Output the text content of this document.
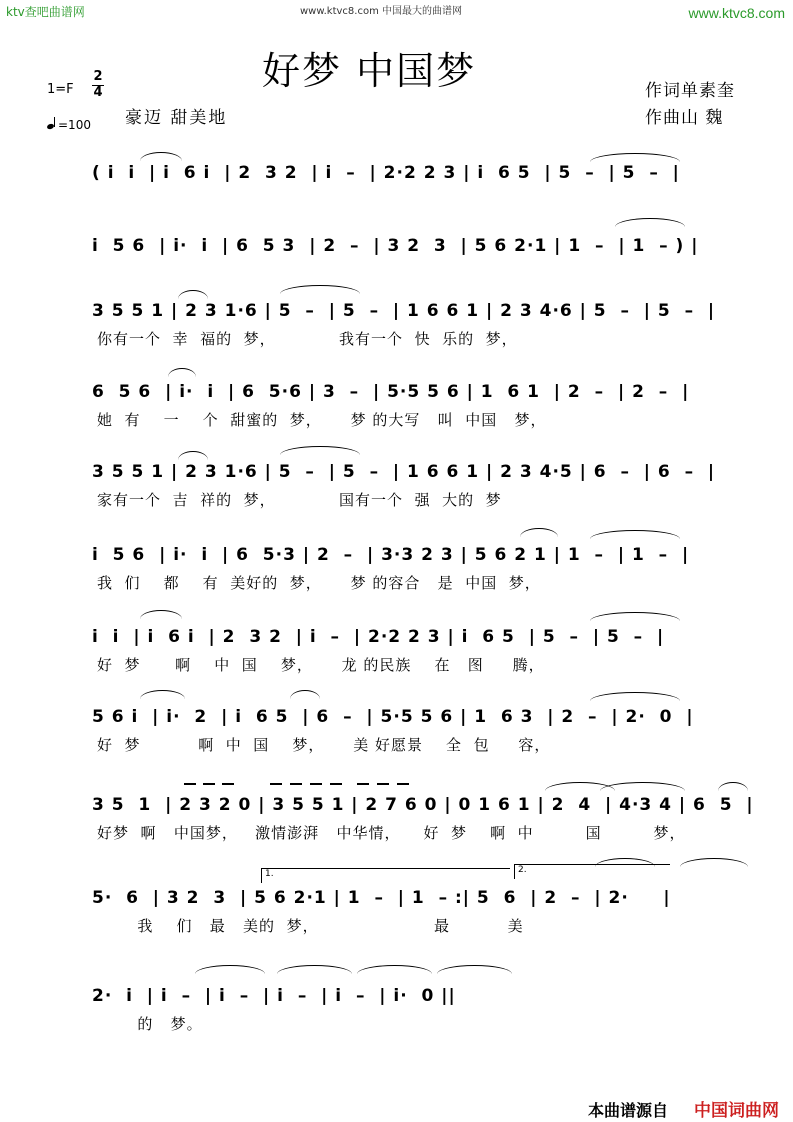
ktv查吧曲谱网	www.ktvc8.com 中国最大的曲谱网	www.ktvc8.com
好梦 中国梦
1=F
2
4
=100 豪迈 甜美地
作词单素奎
作曲山 魏
( i  i  | i  6 i  | 2  3 2  | i  –  | 2·2 2 3 | i  6 5  | 5  –  | 5  –  |
i  5 6  | i·  i  | 6  5 3  | 2  –  | 3 2  3  | 5 6 2·1 | 1  –  | 1  – ) |
3 5 5 1 | 2 3 1·6 | 5  –  | 5  –  | 1 6 6 1 | 2 3 4·6 | 5  –  | 5  –  |
你有一个  幸  福的  梦，           我有一个  快  乐的  梦，
6  5 6  | i·  i  | 6  5·6 | 3  –  | 5·5 5 6 | 1  6 1  | 2  –  | 2  –  |
她  有    一    个  甜蜜的  梦，     梦 的大写   叫  中国   梦，
3 5 5 1 | 2 3 1·6 | 5  –  | 5  –  | 1 6 6 1 | 2 3 4·5 | 6  –  | 6  –  |
家有一个  吉  祥的  梦，           国有一个  强  大的  梦
i  5 6  | i·  i  | 6  5·3 | 2  –  | 3·3 2 3 | 5 6 2 1 | 1  –  | 1  –  |
我  们    都    有  美好的  梦，     梦 的容合   是  中国  梦，
i  i  | i  6 i  | 2  3 2  | i  –  | 2·2 2 3 | i  6 5  | 5  –  | 5  –  |
好  梦      啊    中  国    梦，     龙 的民族    在   图     腾，
5 6 i  | i·  2  | i  6 5  | 6  –  | 5·5 5 6 | 1  6 3  | 2  –  | 2·  0  |
好  梦          啊  中  国    梦，     美 好愿景    全  包     容，
3 5  1  | 2 3 2 0 | 3 5 5 1 | 2 7 6 0 | 0 1 6 1 | 2  4  | 4·3 4 | 6  5  |
好梦  啊   中国梦，   激情澎湃   中华情，    好  梦    啊  中         国         梦，
5·  6  | 3 2  3  | 5 6 2·1 | 1  –  | 1  – :| 5  6  | 2  –  | 2·     |
我    们   最   美的  梦，                    最          美
2·  i  | i  –  | i  –  | i  –  | i  –  | i·  0 ||
的   梦。
1.	2.
本曲谱源自 中国词曲网
